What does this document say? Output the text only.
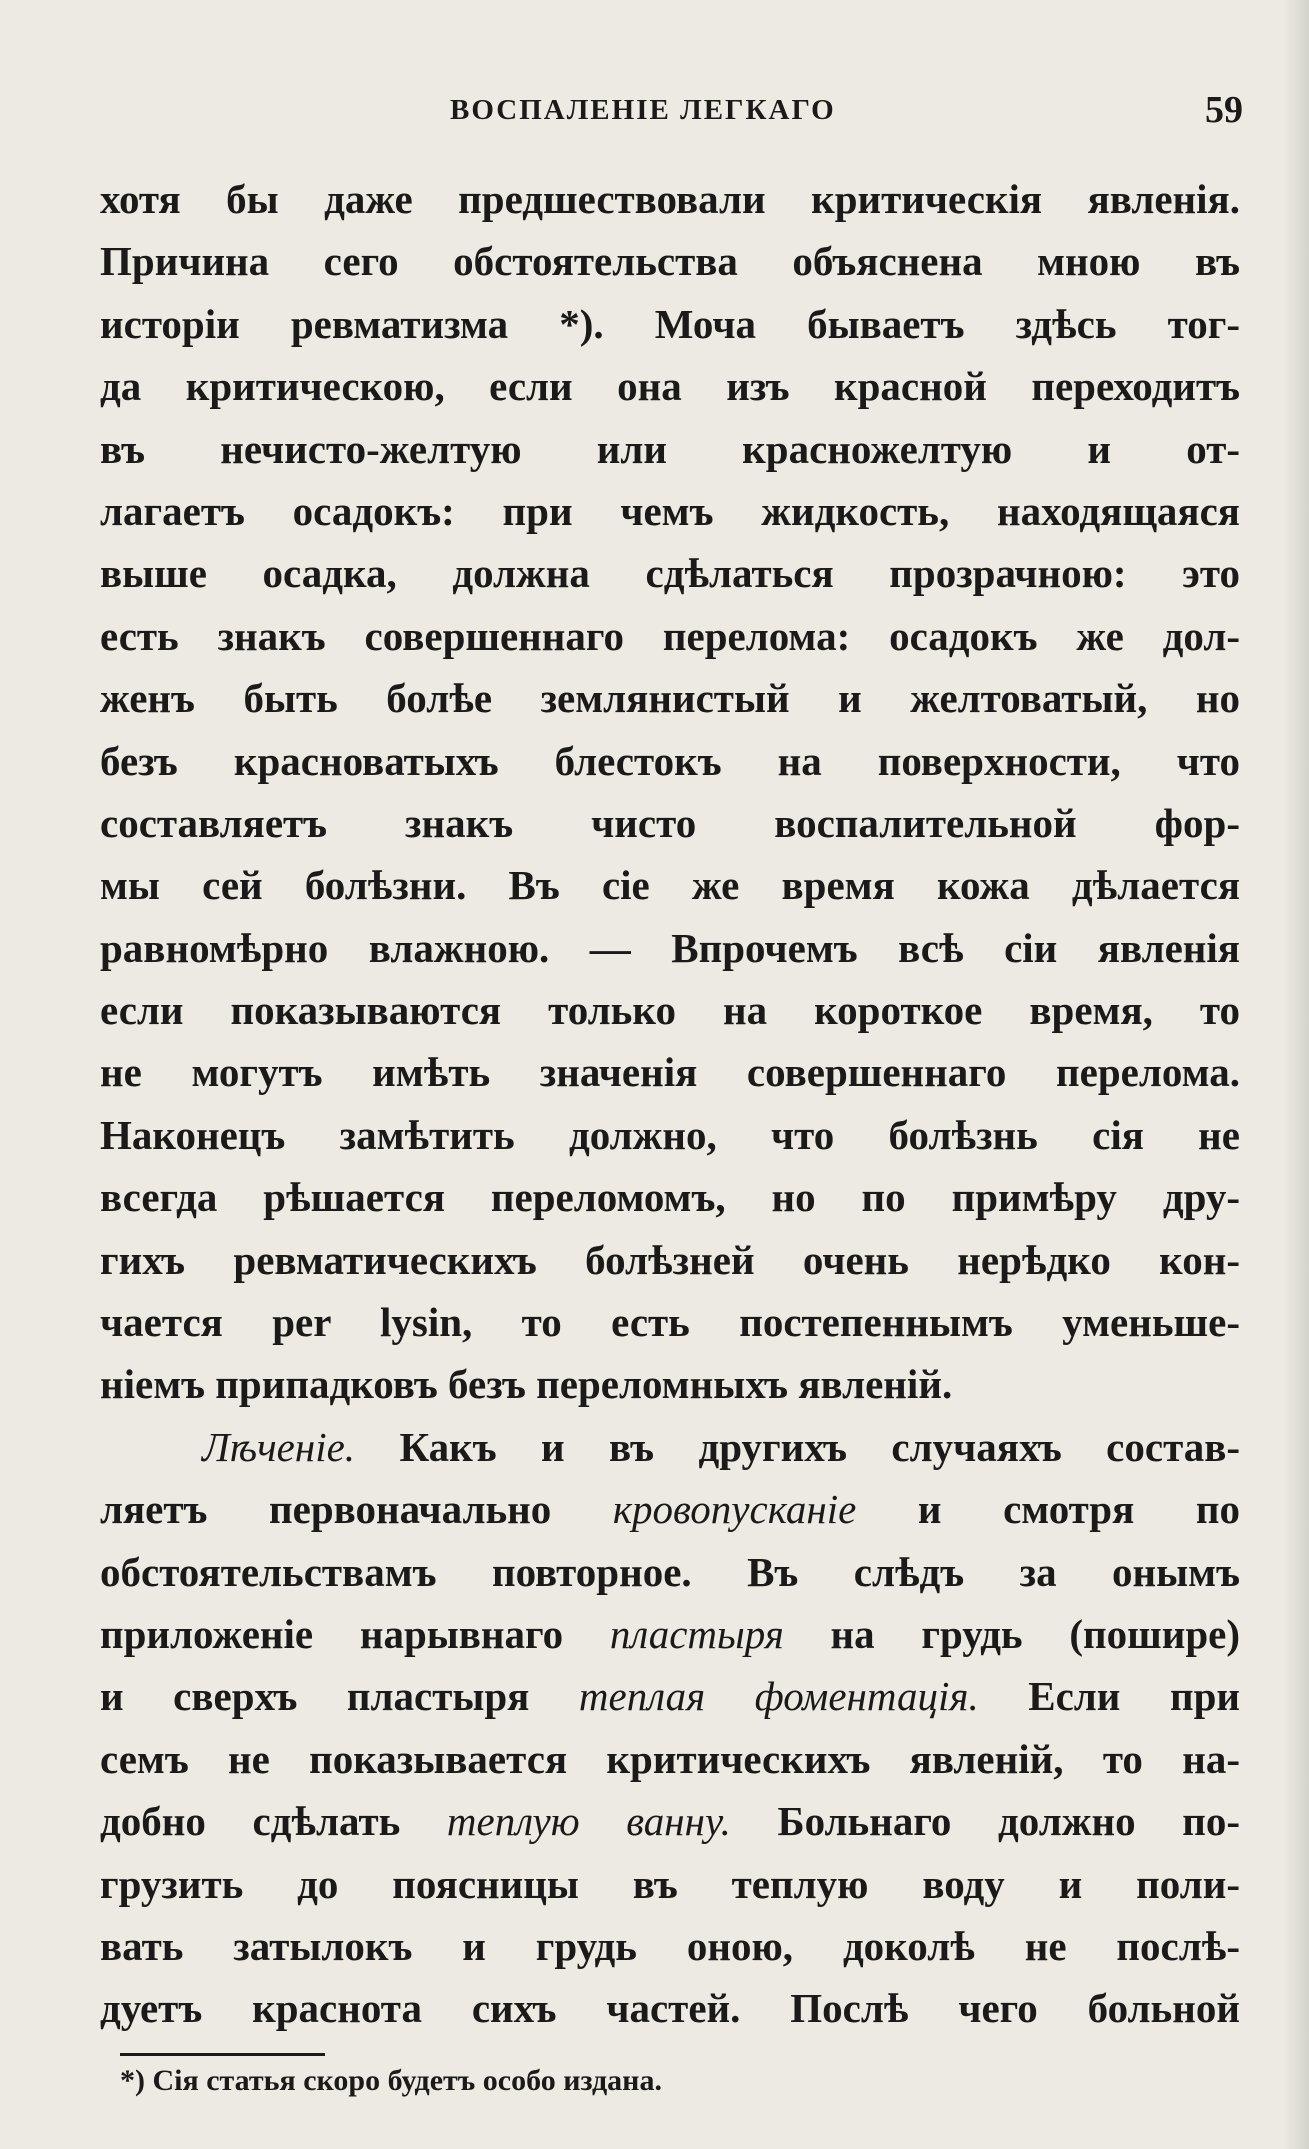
ВОСПАЛЕНІЕ ЛЕГКАГО	59
хотя бы даже предшествовали критическія явленія.
Причина сего обстоятельства объяснена мною въ
исторіи ревматизма *). Моча бываетъ здѣсь тог-
да критическою, если она изъ красной переходитъ
въ нечисто-желтую или красножелтую и от-
лагаетъ осадокъ: при чемъ жидкость, находящаяся
выше осадка, должна сдѣлаться прозрачною: это
есть знакъ совершеннаго перелома: осадокъ же дол-
женъ быть болѣе землянистый и желтоватый, но
безъ красноватыхъ блестокъ на поверхности, что
составляетъ знакъ чисто воспалительной фор-
мы сей болѣзни. Въ сіе же время кожа дѣлается
равномѣрно влажною. — Впрочемъ всѣ сіи явленія
если показываются только на короткое время, то
не могутъ имѣть значенія совершеннаго перелома.
Наконецъ замѣтить должно, что болѣзнь сія не
всегда рѣшается переломомъ, но по примѣру дру-
гихъ ревматическихъ болѣзней очень нерѣдко кон-
чается per lysin, то есть постепеннымъ уменьше-
ніемъ припадковъ безъ переломныхъ явленій.
Лѣченіе. Какъ и въ другихъ случаяхъ состав-
ляетъ первоначально кровопусканіе и смотря по
обстоятельствамъ повторное. Въ слѣдъ за онымъ
приложеніе нарывнаго пластыря на грудь (пошире)
и сверхъ пластыря теплая фоментація. Если при
семъ не показывается критическихъ явленій, то на-
добно сдѣлать теплую ванну. Больнаго должно по-
грузить до поясницы въ теплую воду и поли-
вать затылокъ и грудь оною, доколѣ не послѣ-
дуетъ краснота сихъ частей. Послѣ чего больной
*) Сія статья скоро будетъ особо издана.
